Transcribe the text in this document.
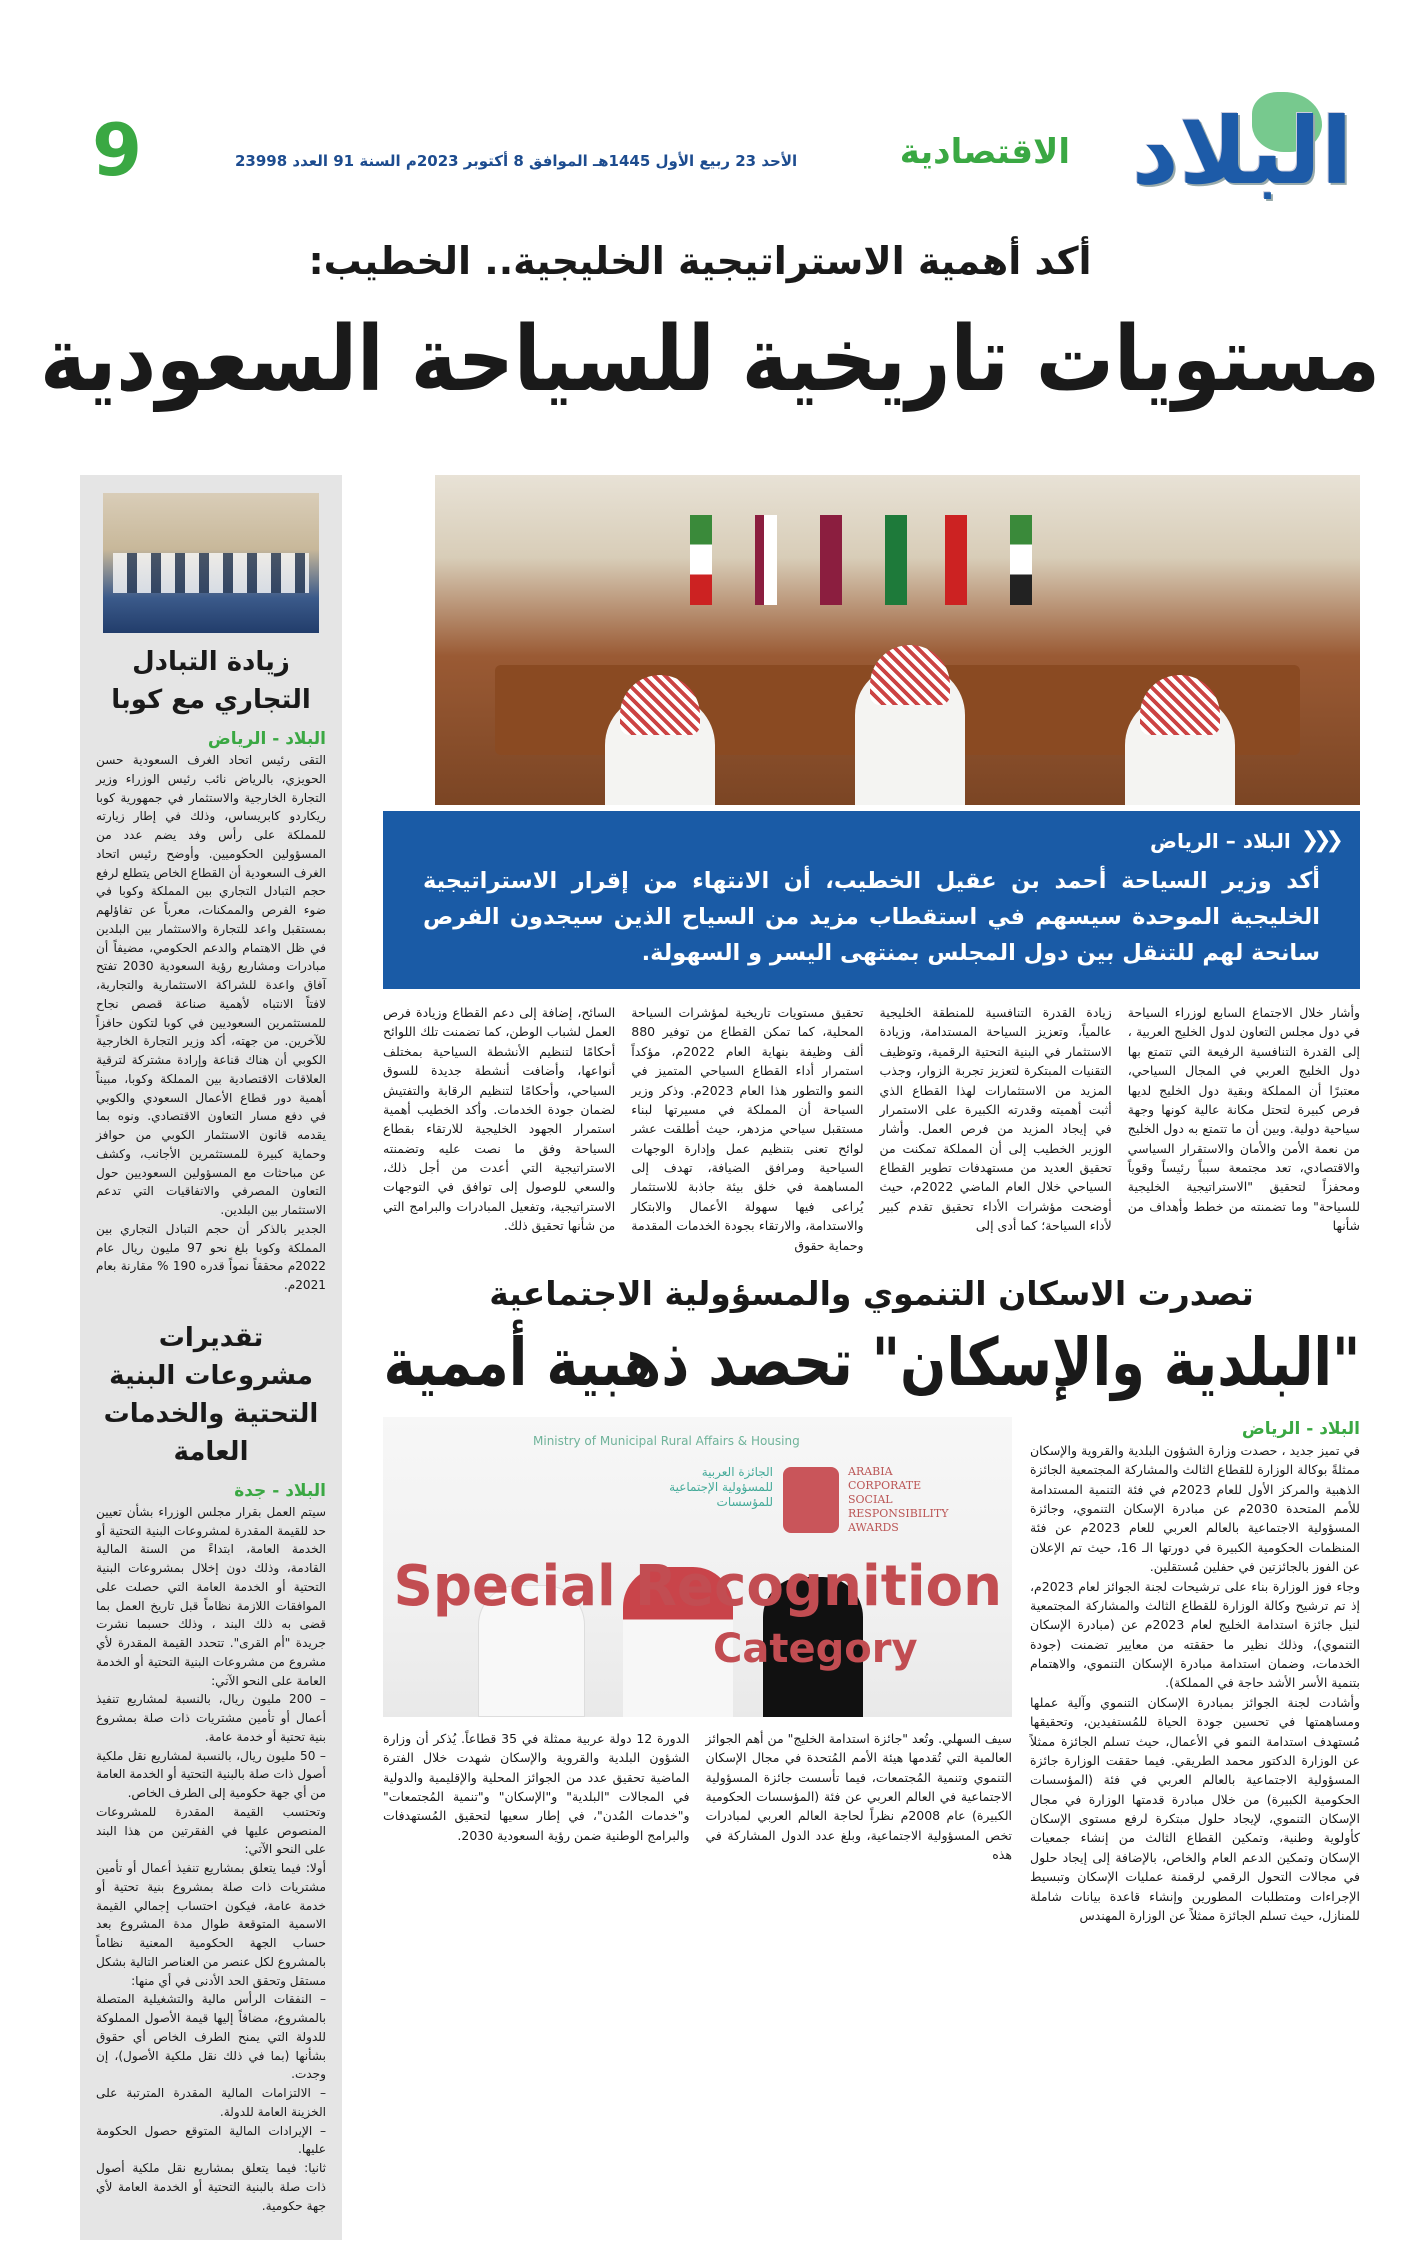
البلاد
الاقتصادية
الأحد 23 ربيع الأول 1445هـ الموافق 8 أكتوبر 2023م السنة 91 العدد 23998
9
أكد أهمية الاستراتيجية الخليجية.. الخطيب:
مستويات تاريخية للسياحة السعودية
زيادة التبادل التجاري مع كوبا
البلاد - الرياض

التقى رئيس اتحاد الغرف السعودية حسن الحويزي، بالرياض نائب رئيس الوزراء وزير التجارة الخارجية والاستثمار في جمهورية كوبا ريكاردو كابريساس، وذلك في إطار زيارته للمملكة على رأس وفد يضم عدد من المسؤولين الحكوميين. وأوضح رئيس اتحاد الغرف السعودية أن القطاع الخاص يتطلع لرفع حجم التبادل التجاري بين المملكة وكوبا في ضوء الفرص والممكنات، معرباً عن تفاؤلهم بمستقبل واعد للتجارة والاستثمار بين البلدين في ظل الاهتمام والدعم الحكومي، مضيفاً أن مبادرات ومشاريع رؤية السعودية 2030 تفتح آفاق واعدة للشراكة الاستثمارية والتجارية، لافتاً الانتباه لأهمية صناعة قصص نجاح للمستثمرين السعوديين في كوبا لتكون حافزاً للآخرين. من جهته، أكد وزير التجارة الخارجية الكوبي أن هناك قناعة وإرادة مشتركة لترقية العلاقات الاقتصادية بين المملكة وكوبا، مبيناً أهمية دور قطاع الأعمال السعودي والكوبي في دفع مسار التعاون الاقتصادي. ونوه بما يقدمه قانون الاستثمار الكوبي من حوافز وحماية كبيرة للمستثمرين الأجانب، وكشف عن مباحثات مع المسؤولين السعوديين حول التعاون المصرفي والاتفاقيات التي تدعم الاستثمار بين البلدين.

الجدير بالذكر أن حجم التبادل التجاري بين المملكة وكوبا بلغ نحو 97 مليون ريال عام 2022م محققاً نمواً قدره 190 % مقارنة بعام 2021م.

تقديرات مشروعات البنية التحتية والخدمات العامة
البلاد - جدة

سيتم العمل بقرار مجلس الوزراء بشأن تعيين حد للقيمة المقدرة لمشروعات البنية التحتية أو الخدمة العامة، ابتداءً من السنة المالية القادمة، وذلك دون إخلال بمشروعات البنية التحتية أو الخدمة العامة التي حصلت على الموافقات اللازمة نظاماً قبل تاريخ العمل بما قضى به ذلك البند ، وذلك حسبما نشرت جريدة "أم القرى". تتحدد القيمة المقدرة لأي مشروع من مشروعات البنية التحتية أو الخدمة العامة على النحو الآتي:

– 200 مليون ريال، بالنسبة لمشاريع تنفيذ أعمال أو تأمين مشتريات ذات صلة بمشروع بنية تحتية أو خدمة عامة.

– 50 مليون ريال، بالنسبة لمشاريع نقل ملكية أصول ذات صلة بالبنية التحتية أو الخدمة العامة من أي جهة حكومية إلى الطرف الخاص.

وتحتسب القيمة المقدرة للمشروعات المنصوص عليها في الفقرتين من هذا البند على النحو الآتي:

أولا: فيما يتعلق بمشاريع تنفيذ أعمال أو تأمين مشتريات ذات صلة بمشروع بنية تحتية أو خدمة عامة، فيكون احتساب إجمالي القيمة الاسمية المتوقعة طوال مدة المشروع بعد حساب الجهة الحكومية المعنية نظاماً بالمشروع لكل عنصر من العناصر التالية بشكل مستقل وتحقق الحد الأدنى في أي منها:

– النفقات الرأس مالية والتشغيلية المتصلة بالمشروع، مضافاً إليها قيمة الأصول المملوكة للدولة التي يمنح الطرف الخاص أي حقوق بشأنها (بما في ذلك نقل ملكية الأصول)، إن وجدت.

– الالتزامات المالية المقدرة المترتبة على الخزينة العامة للدولة.

– الإيرادات المالية المتوقع حصول الحكومة عليها.

ثانيا: فيما يتعلق بمشاريع نقل ملكية أصول ذات صلة بالبنية التحتية أو الخدمة العامة لأي جهة حكومية.

❮❮❮
البلاد – الرياض
أكد وزير السياحة أحمد بن عقيل الخطيب، أن الانتهاء من إقرار الاستراتيجية الخليجية الموحدة سيسهم في استقطاب مزيد من السياح الذين سيجدون الفرص سانحة لهم للتنقل بين دول المجلس بمنتهى اليسر و السهولة.
وأشار خلال الاجتماع السابع لوزراء السياحة في دول مجلس التعاون لدول الخليج العربية ، إلى القدرة التنافسية الرفيعة التي تتمتع بها دول الخليج العربي في المجال السياحي، معتبرًا أن المملكة وبقية دول الخليج لديها فرص كبيرة لتحتل مكانة عالية كونها وجهة سياحية دولية. وبين أن ما تتمتع به دول الخليج من نعمة الأمن والأمان والاستقرار السياسي والاقتصادي، تعد مجتمعة سبباً رئيساً وقوياً ومحفزاً لتحقيق "الاستراتيجية الخليجية للسياحة" وما تضمنته من خطط وأهداف من شأنها
زيادة القدرة التنافسية للمنطقة الخليجية عالمياً، وتعزيز السياحة المستدامة، وزيادة الاستثمار في البنية التحتية الرقمية، وتوظيف التقنيات المبتكرة لتعزيز تجربة الزوار، وجذب المزيد من الاستثمارات لهذا القطاع الذي أثبت أهميته وقدرته الكبيرة على الاستمرار في إيجاد المزيد من فرص العمل. وأشار الوزير الخطيب إلى أن المملكة تمكنت من تحقيق العديد من مستهدفات تطوير القطاع السياحي خلال العام الماضي 2022م، حيث أوضحت مؤشرات الأداء تحقيق تقدم كبير لأداء السياحة؛ كما أدى إلى
تحقيق مستويات تاريخية لمؤشرات السياحة المحلية، كما تمكن القطاع من توفير 880 ألف وظيفة بنهاية العام 2022م، مؤكداً استمرار أداء القطاع السياحي المتميز في النمو والتطور هذا العام 2023م. وذكر وزير السياحة أن المملكة في مسيرتها لبناء مستقبل سياحي مزدهر، حيث أطلقت عشر لوائح تعنى بتنظيم عمل وإدارة الوجهات السياحية ومرافق الضيافة، تهدف إلى المساهمة في خلق بيئة جاذبة للاستثمار يُراعى فيها سهولة الأعمال والابتكار والاستدامة، والارتقاء بجودة الخدمات المقدمة وحماية حقوق
السائح، إضافة إلى دعم القطاع وزيادة فرص العمل لشباب الوطن، كما تضمنت تلك اللوائح أحكامًا لتنظيم الأنشطة السياحية بمختلف أنواعها، وأضافت أنشطة جديدة للسوق السياحي، وأحكامًا لتنظيم الرقابة والتفتيش لضمان جودة الخدمات. وأكد الخطيب أهمية استمرار الجهود الخليجية للارتقاء بقطاع السياحة وفق ما نصت عليه وتضمنته الاستراتيجية التي أعدت من أجل ذلك، والسعي للوصول إلى توافق في التوجهات الاستراتيجية، وتفعيل المبادرات والبرامج التي من شأنها تحقيق ذلك.
تصدرت الاسكان التنموي والمسؤولية الاجتماعية
"البلدية والإسكان" تحصد ذهبية أممية
البلاد - الرياض

في تميز جديد ، حصدت وزارة الشؤون البلدية والقروية والإسكان ممثلةً بوكالة الوزارة للقطاع الثالث والمشاركة المجتمعية الجائزة الذهبية والمركز الأول للعام 2023م في فئة التنمية المستدامة للأمم المتحدة 2030م عن مبادرة الإسكان التنموي، وجائزة المسؤولية الاجتماعية بالعالم العربي للعام 2023م عن فئة المنظمات الحكومية الكبيرة في دورتها الـ 16، حيث تم الإعلان عن الفوز بالجائزتين في حفلين مُستقلين.

وجاء فوز الوزارة بناء على ترشيحات لجنة الجوائز لعام 2023م، إذ تم ترشيح وكالة الوزارة للقطاع الثالث والمشاركة المجتمعية لنيل جائزة استدامة الخليج لعام 2023م عن (مبادرة الإسكان التنموي)، وذلك نظير ما حققته من معايير تضمنت (جودة الخدمات، وضمان استدامة مبادرة الإسكان التنموي، والاهتمام بتنمية الأسر الأشد حاجة في المملكة).

وأشادت لجنة الجوائز بمبادرة الإسكان التنموي وآلية عملها ومساهمتها في تحسين جودة الحياة للمُستفيدين، وتحقيقها مُستهدف استدامة النمو في الأعمال، حيث تسلم الجائزة ممثلاً عن الوزارة الدكتور محمد الطريقي. فيما حققت الوزارة جائزة المسؤولية الاجتماعية بالعالم العربي في فئة (المؤسسات الحكومية الكبيرة) من خلال مبادرة قدمتها الوزارة في مجال الإسكان التنموي، لإيجاد حلول مبتكرة لرفع مستوى الإسكان كأولوية وطنية، وتمكين القطاع الثالث من إنشاء جمعيات الإسكان وتمكين الدعم العام والخاص، بالإضافة إلى إيجاد حلول في مجالات التحول الرقمي لرقمنة عمليات الإسكان وتبسيط الإجراءات ومتطلبات المطورين وإنشاء قاعدة بيانات شاملة للمنازل، حيث تسلم الجائزة ممثلاً عن الوزارة المهندس

Ministry of Municipal Rural Affairs & Housing
ARABIA CORPORATE SOCIAL RESPONSIBILITY AWARDS
الجائزة العربية للمسؤولية الإجتماعية للمؤسسات
Special Recognition
Category
سيف السهلي. وتُعد "جائزة استدامة الخليج" من أهم الجوائز العالمية التي تُقدمها هيئة الأمم المُتحدة في مجال الإسكان التنموي وتنمية المُجتمعات، فيما تأسست جائزة المسؤولية الاجتماعية في العالم العربي عن فئة (المؤسسات الحكومية الكبيرة) عام 2008م نظراً لحاجة العالم العربي لمبادرات تخص المسؤولية الاجتماعية، وبلغ عدد الدول المشاركة في هذه
الدورة 12 دولة عربية ممثلة في 35 قطاعاً. يُذكر أن وزارة الشؤون البلدية والقروية والإسكان شهدت خلال الفترة الماضية تحقيق عدد من الجوائز المحلية والإقليمية والدولية في المجالات "البلدية" و"الإسكان" و"تنمية المُجتمعات" و"خدمات المُدن"، في إطار سعيها لتحقيق المُستهدفات والبرامج الوطنية ضمن رؤية السعودية 2030.
